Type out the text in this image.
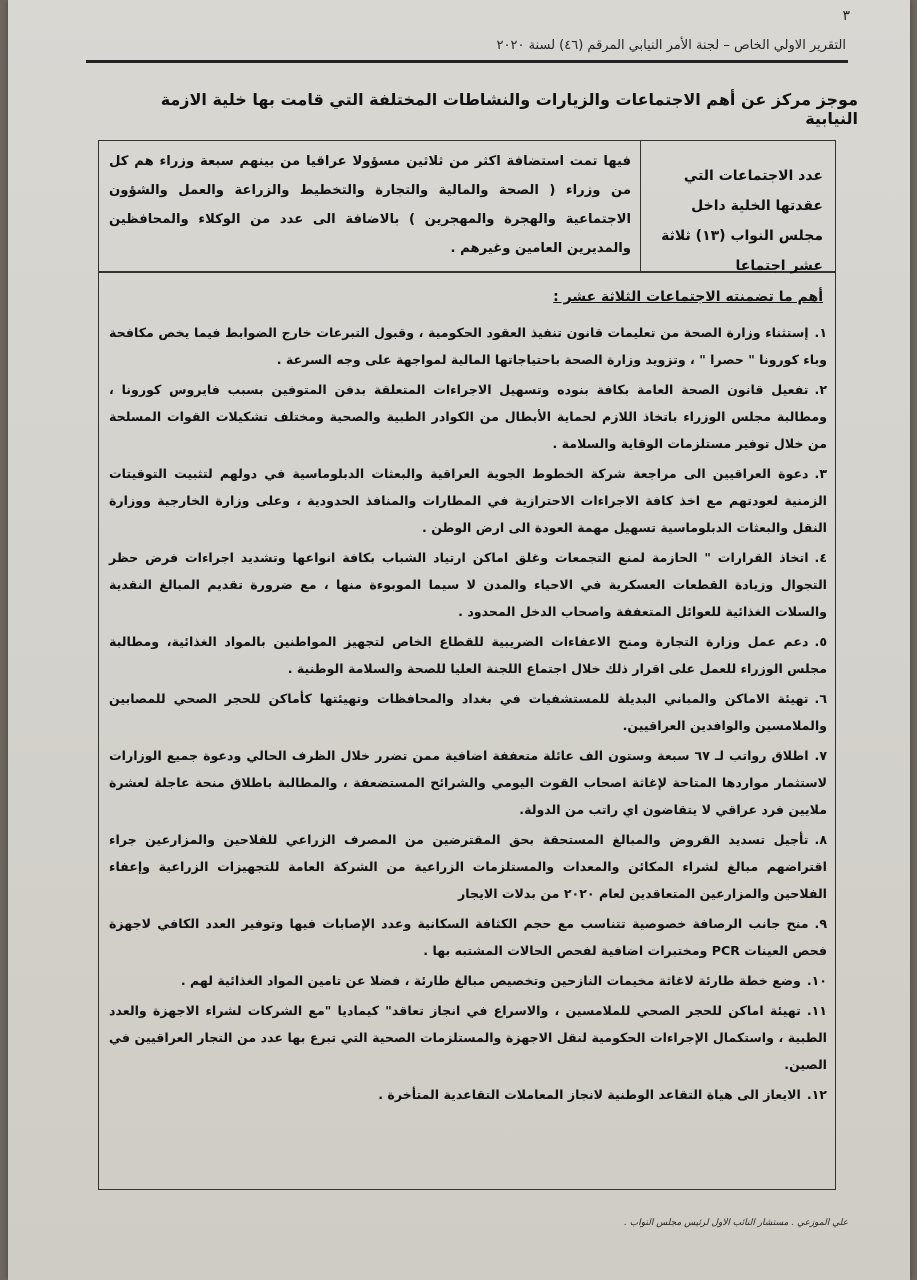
٣
التقرير الاولي الخاص – لجنة الأمر النيابي المرقم (٤٦) لسنة ٢٠٢٠
موجز مركز عن أهم الاجتماعات والزيارات والنشاطات المختلفة التي قامت بها خلية الازمة النيابية
عدد الاجتماعات التي عقدتها الخلية داخل مجلس النواب (١٣) ثلاثة عشر اجتماعا
فيها تمت استضافة اكثر من ثلاثين مسؤولا عراقيا من بينهم سبعة وزراء هم كل من وزراء ( الصحة والمالية والتجارة والتخطيط والزراعة والعمل والشؤون الاجتماعية والهجرة والمهجرين ) بالاضافة الى عدد من الوكلاء والمحافظين والمديرين العامين وغيرهم .
أهم ما تضمنته الاجتماعات الثلاثة عشر :
١.إستثناء وزارة الصحة من تعليمات قانون تنفيذ العقود الحكومية ، وقبول التبرعات خارج الضوابط فيما يخص مكافحة وباء كورونا " حصرا " ، وتزويد وزارة الصحة باحتياجاتها المالية لمواجهة على وجه السرعة .
٢.تفعيل قانون الصحة العامة بكافة بنوده وتسهيل الاجراءات المتعلقة بدفن المتوفين بسبب فايروس كورونا ، ومطالبة مجلس الوزراء باتخاذ اللازم لحماية الأبطال من الكوادر الطبية والصحية ومختلف تشكيلات القوات المسلحة من خلال توفير مستلزمات الوقاية والسلامة .
٣.دعوة العراقيين الى مراجعة شركة الخطوط الجوية العراقية والبعثات الدبلوماسية في دولهم لتثبيت التوقيتات الزمنية لعودتهم مع اخذ كافة الاجراءات الاحترازية في المطارات والمنافذ الحدودية ، وعلى وزارة الخارجية ووزارة النقل والبعثات الدبلوماسية تسهيل مهمة العودة الى ارض الوطن .
٤.اتخاذ القرارات " الحازمة لمنع التجمعات وغلق اماكن ارتياد الشباب بكافة انواعها وتشديد اجراءات فرض حظر التجوال وزيادة القطعات العسكرية في الاحياء والمدن لا سيما الموبوءة منها ، مع ضرورة تقديم المبالغ النقدية والسلات الغذائية للعوائل المتعففة واصحاب الدخل المحدود .
٥.دعم عمل وزارة التجارة ومنح الاعفاءات الضريبية للقطاع الخاص لتجهيز المواطنين بالمواد الغذائية، ومطالبة مجلس الوزراء للعمل على اقرار ذلك خلال اجتماع اللجنة العليا للصحة والسلامة الوطنية .
٦.تهيئة الاماكن والمباني البديلة للمستشفيات في بغداد والمحافظات وتهيئتها كأماكن للحجر الصحي للمصابين والملامسين والوافدين العراقيين.
٧.اطلاق رواتب لـ ٦٧ سبعة وستون الف عائلة متعففة اضافية ممن تضرر خلال الظرف الحالي ودعوة جميع الوزارات لاستثمار مواردها المتاحة لإغاثة اصحاب القوت اليومي والشرائح المستضعفة ، والمطالبة باطلاق منحة عاجلة لعشرة ملايين فرد عراقي لا يتقاضون اي راتب من الدولة.
٨.تأجيل تسديد القروض والمبالغ المستحقة بحق المقترضين من المصرف الزراعي للفلاحين والمزارعين جراء اقتراضهم مبالغ لشراء المكائن والمعدات والمستلزمات الزراعية من الشركة العامة للتجهيزات الزراعية وإعفاء الفلاحين والمزارعين المتعاقدين لعام ٢٠٢٠ من بدلات الايجار
٩.منح جانب الرصافة خصوصية تتناسب مع حجم الكثافة السكانية وعدد الإصابات فيها وتوفير العدد الكافي لاجهزة فحص العينات PCR ومختبرات اضافية لفحص الحالات المشتبه بها .
١٠.وضع خطة طارئة لاغاثة مخيمات النازحين وتخصيص مبالغ طارئة ، فضلا عن تامين المواد الغذائية لهم .
١١.تهيئة اماكن للحجر الصحي للملامسين ، والاسراع في انجاز تعاقد" كيماديا "مع الشركات لشراء الاجهزة والعدد الطبية ، واستكمال الإجراءات الحكومية لنقل الاجهزة والمستلزمات الصحية التي تبرع بها عدد من التجار العراقيين في الصين.
١٢.الايعاز الى هياة التقاعد الوطنية لانجاز المعاملات التقاعدية المتأخرة .
علي الموزعي . مستشار النائب الاول لرئيس مجلس النواب .
